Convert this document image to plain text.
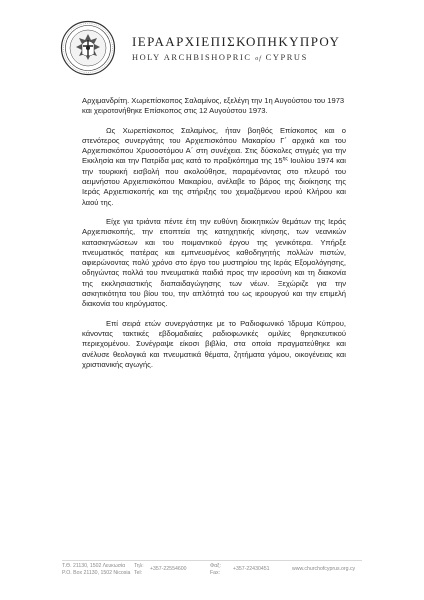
ΙΕΡΑΑΡΧΙΕΠΙΣΚΟΠΗΚΥΠΡΟΥ
HOLY ARCHBISHOPRIC of CYPRUS

Αρχιμανδρίτη. Χωρεπίσκοπος Σαλαμίνος, εξελέγη την 1η Αυγούστου του 1973 και χειροτονήθηκε Επίσκοπος στις 12 Αυγούστου 1973.

Ως Χωρεπίσκοπος Σαλαμίνος, ήταν βοηθός Επίσκοπος και ο στενότερος συνεργάτης του Αρχιεπισκόπου Μακαρίου Γ΄ αρχικά και του Αρχιεπισκόπου Χρυσοστόμου Α΄ στη συνέχεια. Στις δύσκολες στιγμές για την Εκκλησία και την Πατρίδα μας κατά το πραξικόπημα της $15^{\eta\varsigma}$ Ιουλίου 1974 και την τουρκική εισβολή που ακολούθησε, παραμένοντας στο πλευρό του αειμνήστου Αρχιεπισκόπου Μακαρίου, ανέλαβε το βάρος της διοίκησης της Ιεράς Αρχιεπισκοπής και της στήριξης του χειμαζόμενου ιερού Κλήρου και λαού της.

Είχε για τριάντα πέντε έτη την ευθύνη διοικητικών θεμάτων της Ιεράς Αρχιεπισκοπής, την εποπτεία της κατηχητικής κίνησης, των νεανικών κατασκηνώσεων και του ποιμαντικού έργου της γενικότερα. Υπήρξε πνευματικός πατέρας και εμπνευσμένος καθοδηγητής πολλών πιστών, αφιερώνοντας πολύ χρόνο στο έργο του μυστηρίου της Ιεράς Εξομολόγησης, οδηγώντας πολλά του πνευματικά παιδιά προς την ιεροσύνη και τη διακονία της εκκλησιαστικής διαπαιδαγώγησης των νέων. Ξεχώριζε για την ασκητικότητα του βίου του, την απλότητά του ως ιερουργού και την επιμελή διακονία του κηρύγματος.

Επί σειρά ετών συνεργάστηκε με το Ραδιοφωνικό Ίδρυμα Κύπρου, κάνοντας τακτικές εβδομαδιαίες ραδιοφωνικές ομιλίες θρησκευτικού περιεχομένου. Συνέγραψε είκοσι βιβλία, στα οποία πραγματεύθηκε και ανέλυσε θεολογικά και πνευματικά θέματα, ζητήματα γάμου, οικογένειας και χριστιανικής αγωγής.

Τ.Θ. 21130, 1502 Λευκωσία
P.O. Box 21130, 1502 Nicosia
Τηλ:
Tel:
+357-22554600	Φαξ:
Fax:
+357-22430451	www.churchofcyprus.org.cy
